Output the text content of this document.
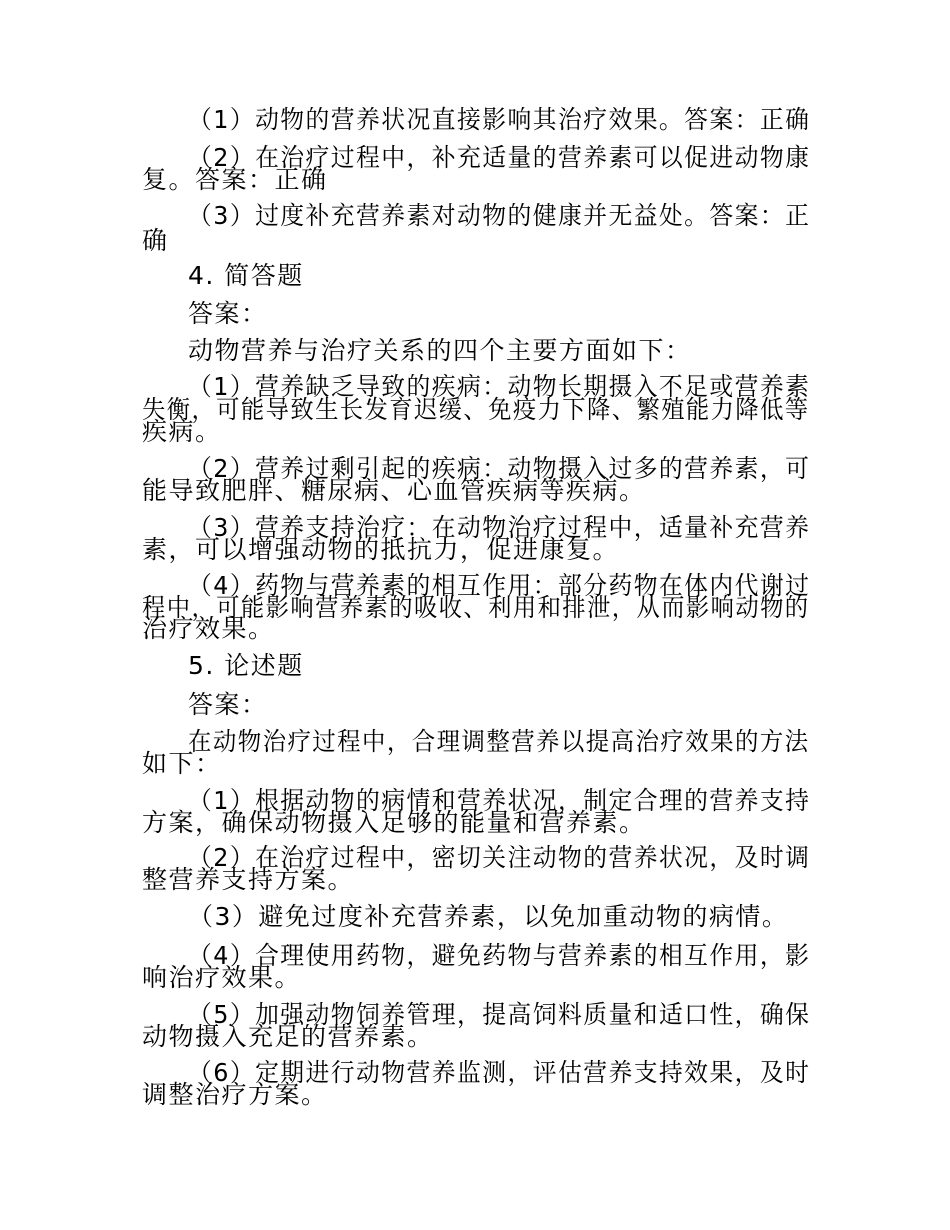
（1）动物的营养状况直接影响其治疗效果。答案：正确
（2）在治疗过程中，补充适量的营养素可以促进动物康
复。答案：正确
（3）过度补充营养素对动物的健康并无益处。答案：正
确
4. 简答题
答案：
动物营养与治疗关系的四个主要方面如下：
（1）营养缺乏导致的疾病：动物长期摄入不足或营养素
失衡，可能导致生长发育迟缓、免疫力下降、繁殖能力降低等
疾病。
（2）营养过剩引起的疾病：动物摄入过多的营养素，可
能导致肥胖、糖尿病、心血管疾病等疾病。
（3）营养支持治疗：在动物治疗过程中，适量补充营养
素，可以增强动物的抵抗力，促进康复。
（4）药物与营养素的相互作用：部分药物在体内代谢过
程中，可能影响营养素的吸收、利用和排泄，从而影响动物的
治疗效果。
5. 论述题
答案：
在动物治疗过程中，合理调整营养以提高治疗效果的方法
如下：
（1）根据动物的病情和营养状况，制定合理的营养支持
方案，确保动物摄入足够的能量和营养素。
（2）在治疗过程中，密切关注动物的营养状况，及时调
整营养支持方案。
（3）避免过度补充营养素，以免加重动物的病情。
（4）合理使用药物，避免药物与营养素的相互作用，影
响治疗效果。
（5）加强动物饲养管理，提高饲料质量和适口性，确保
动物摄入充足的营养素。
（6）定期进行动物营养监测，评估营养支持效果，及时
调整治疗方案。
